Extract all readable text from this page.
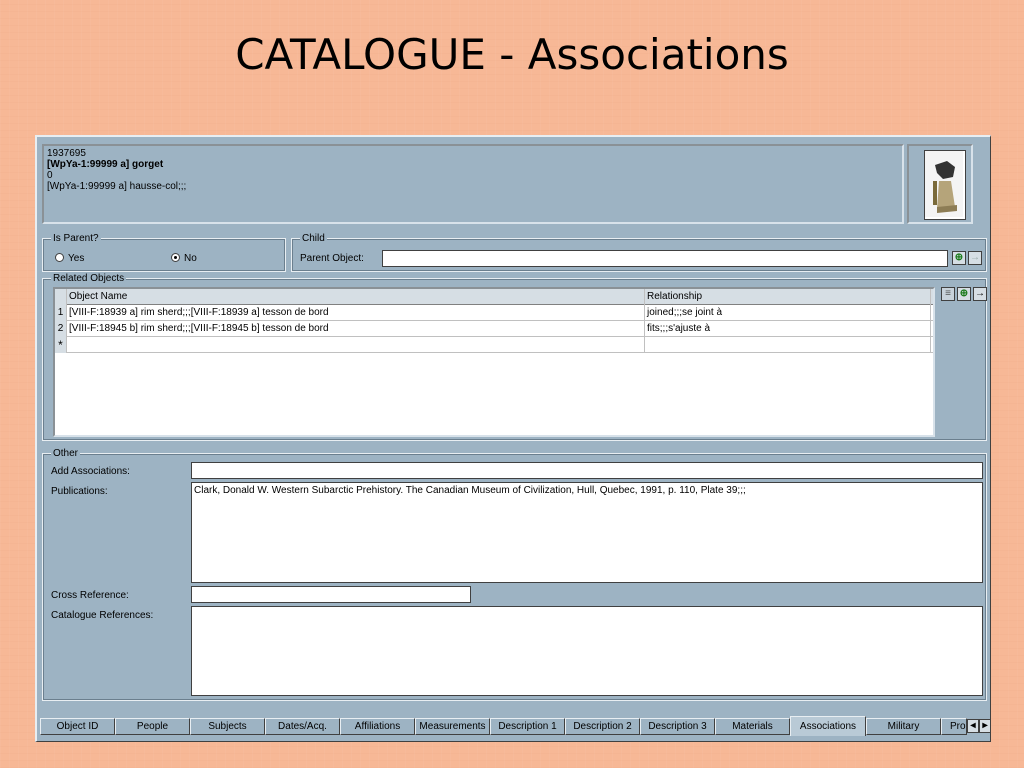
CATALOGUE - Associations
1937695
[WpYa-1:99999 a] gorget
0
[WpYa-1:99999 a] hausse-col;;;
Is Parent?
Yes	No
Child
Parent Object:	⊕ →
Related Objects
Object Name	Relationship
1 [VIII-F:18939 a] rim sherd;;;[VIII-F:18939 a] tesson de bord	joined;;;se joint à
2 [VIII-F:18945 b] rim sherd;;;[VIII-F:18945 b] tesson de bord	fits;;;s'ajuste à
*
≡ ⊕ →
Other
Add Associations:
Publications:	Clark, Donald W. Western Subarctic Prehistory. The Canadian Museum of Civilization, Hull, Quebec, 1991, p. 110, Plate 39;;;
Cross Reference:
Catalogue References:
Object ID	People	Subjects	Dates/Acq.	Affiliations	Measurements	Description 1	Description 2	Description 3	Materials	Associations	Military	Pro ◂ ▸
